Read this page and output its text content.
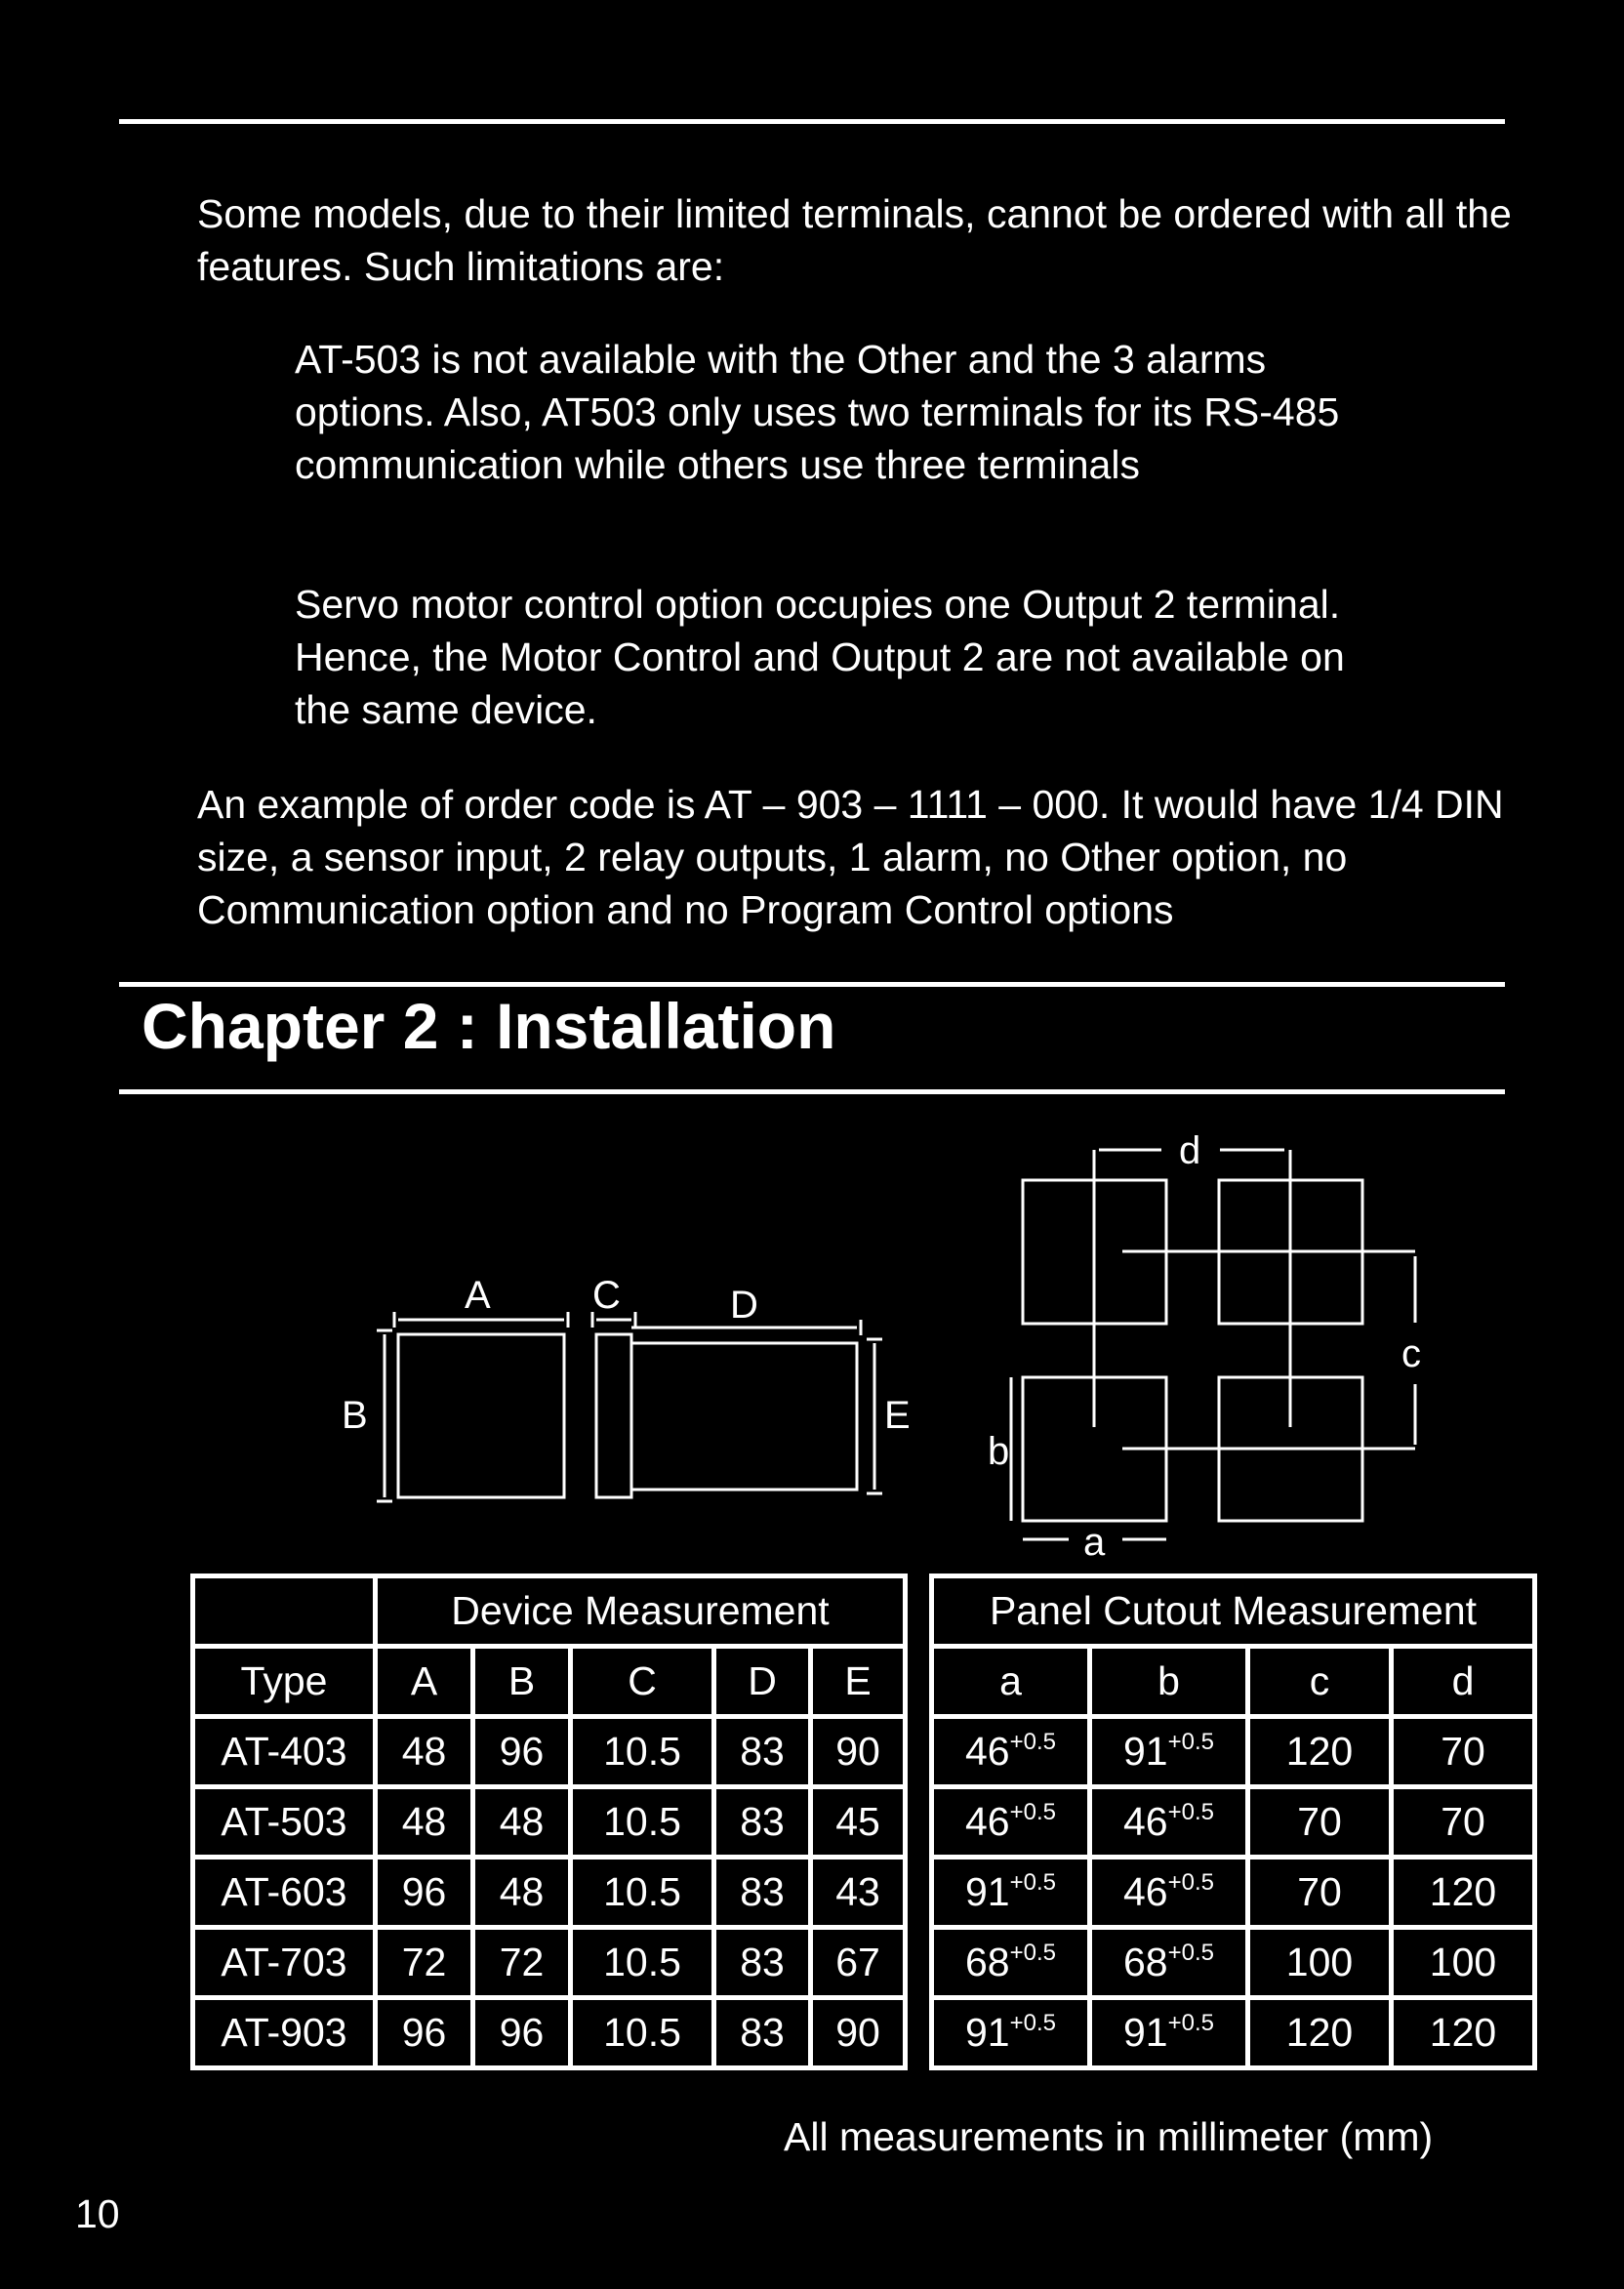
Some models, due to their limited terminals, cannot be ordered with all the features. Such limitations are:

AT-503 is not available with the Other and the 3 alarms options. Also, AT503 only uses two terminals for its RS-485 communication while others use three terminals

Servo motor control option occupies one Output 2 terminal. Hence, the Motor Control and Output 2 are not available on the same device.

An example of order code is AT – 903 – 1111 – 000. It would have 1/4 DIN size, a sensor input, 2 relay outputs, 1 alarm, no Other option, no Communication option and no Program Control options

Chapter 2 : Installation
A	C	D
B	E
d
c
b
a
	Device Measurement						Panel Cutout Measurement			
Type	A	B	C	D	E		a	b	c	d
AT-403	48	96	10.5	83	90		$46^{+0.5}$	$91^{+0.5}$	120	70
AT-503	48	48	10.5	83	45		$46^{+0.5}$	$46^{+0.5}$	70	70
AT-603	96	48	10.5	83	43		$91^{+0.5}$	$46^{+0.5}$	70	120
AT-703	72	72	10.5	83	67		$68^{+0.5}$	$68^{+0.5}$	100	100
AT-903	96	96	10.5	83	90		$91^{+0.5}$	$91^{+0.5}$	120	120

All measurements in millimeter (mm)

10
